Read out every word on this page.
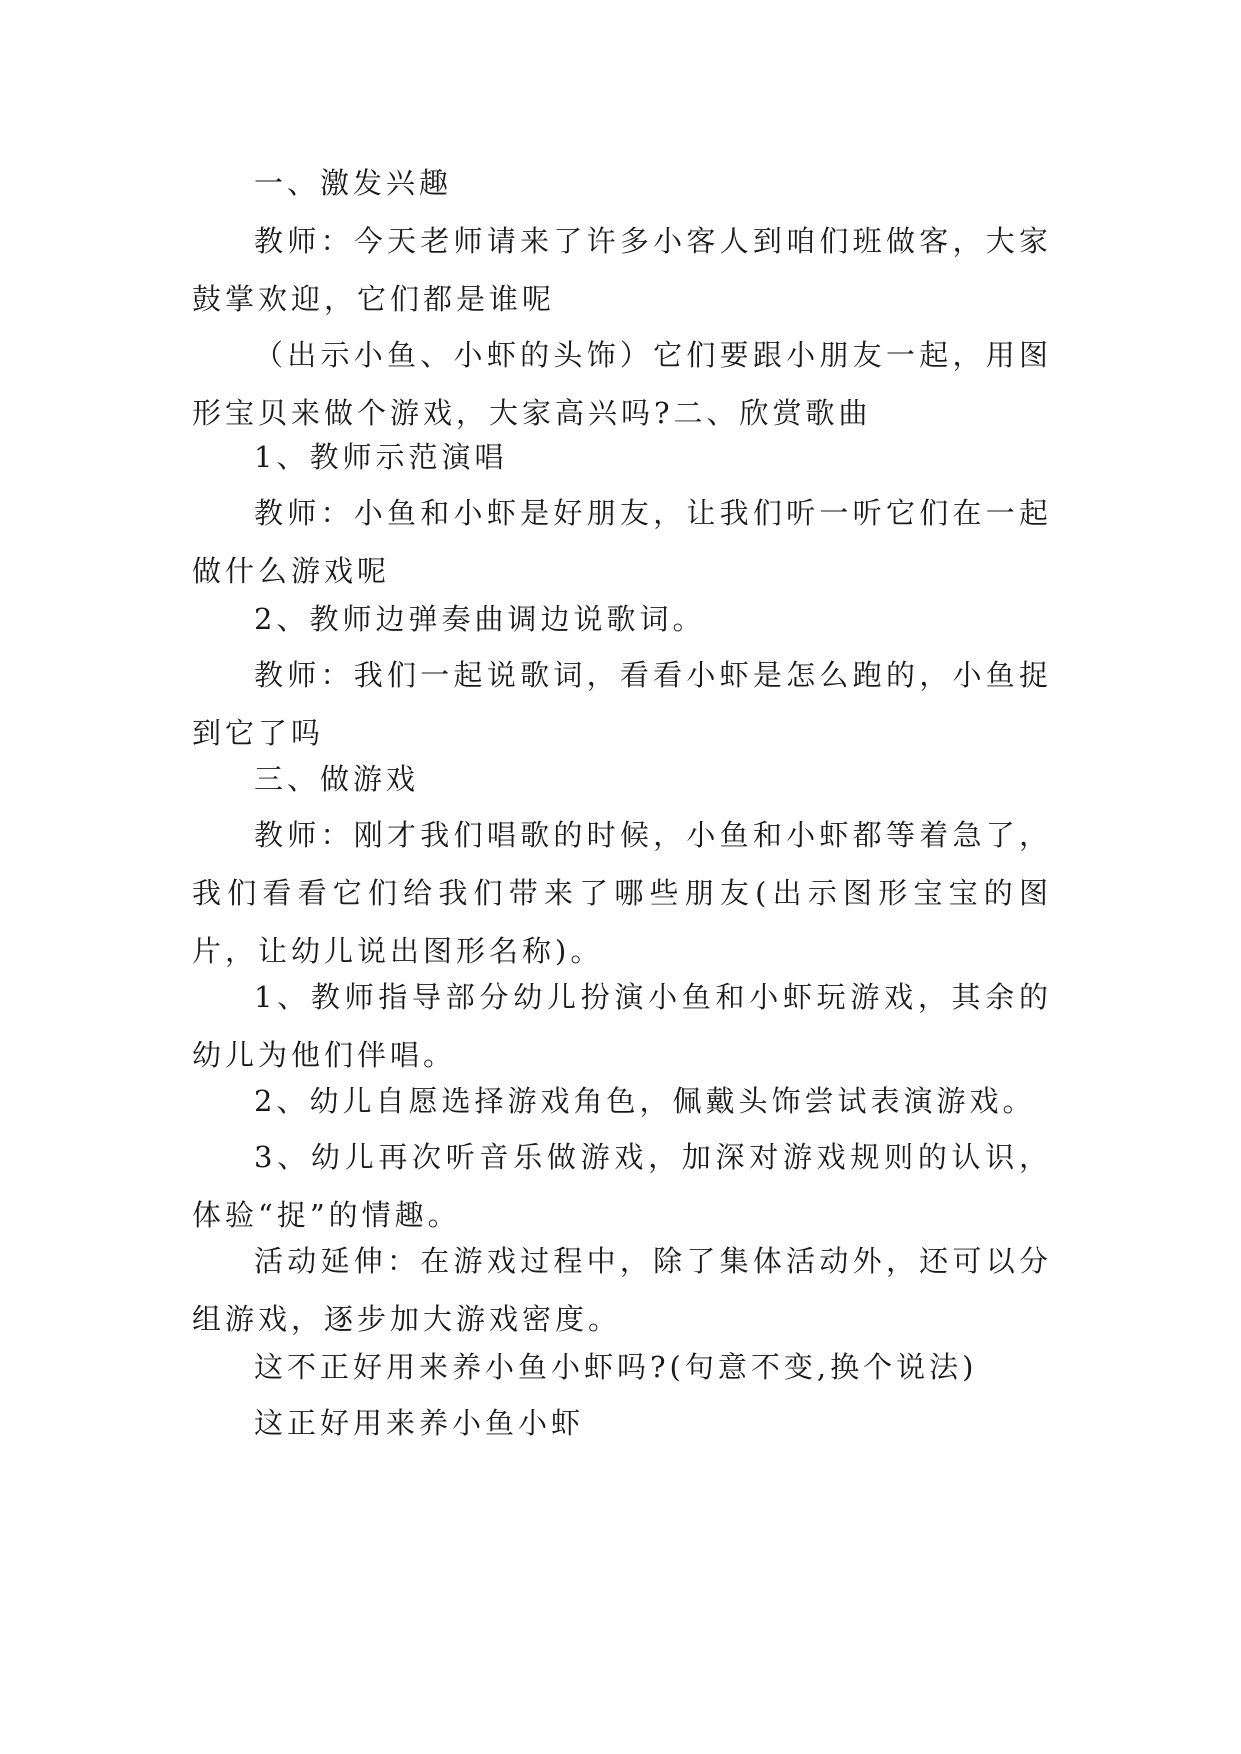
一、激发兴趣

教师：今天老师请来了许多小客人到咱们班做客，大家鼓掌欢迎，它们都是谁呢

（出示小鱼、小虾的头饰）它们要跟小朋友一起，用图形宝贝来做个游戏，大家高兴吗?二、欣赏歌曲

1、教师示范演唱

教师：小鱼和小虾是好朋友，让我们听一听它们在一起做什么游戏呢

2、教师边弹奏曲调边说歌词。

教师：我们一起说歌词，看看小虾是怎么跑的，小鱼捉到它了吗

三、做游戏

教师：刚才我们唱歌的时候，小鱼和小虾都等着急了，我们看看它们给我们带来了哪些朋友(出示图形宝宝的图片，让幼儿说出图形名称)。

1、教师指导部分幼儿扮演小鱼和小虾玩游戏，其余的幼儿为他们伴唱。

2、幼儿自愿选择游戏角色，佩戴头饰尝试表演游戏。

3、幼儿再次听音乐做游戏，加深对游戏规则的认识，体验“捉”的情趣。

活动延伸：在游戏过程中，除了集体活动外，还可以分组游戏，逐步加大游戏密度。

这不正好用来养小鱼小虾吗?(句意不变,换个说法)

这正好用来养小鱼小虾
